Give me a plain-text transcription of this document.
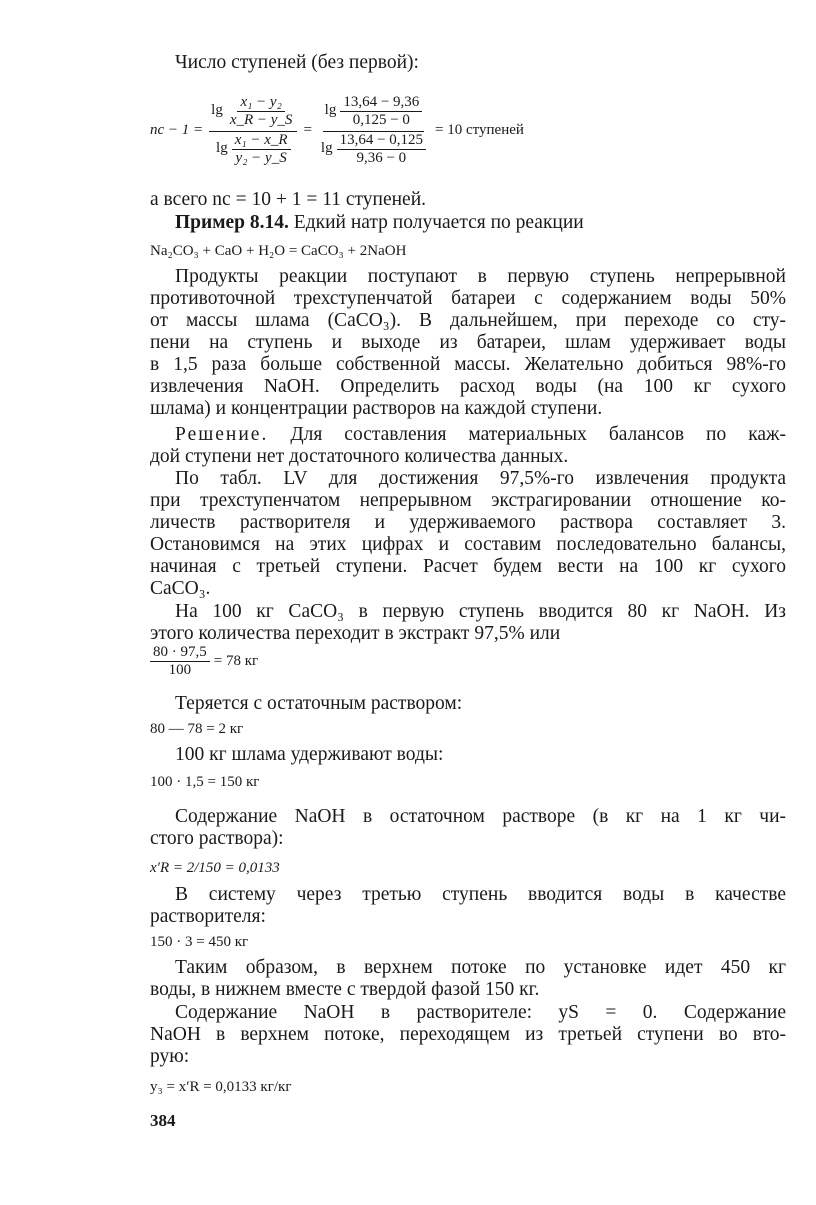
Число ступеней (без первой):
nс − $1 = \frac{\lg \frac{\text{x₁ − y₂}}{x\_R - y\_S}}{\lg \frac{\text{x₁ − x\_R}}{\text{y₂ − y\_S}}} = \frac{\lg \frac{13,64 - 9,36}{0,125 - 0}}{\lg \frac{13,64 - 0,125}{9,36 - 0}} = 10$ ступеней
а всего nс = 10 + 1 = 11 ступеней.
Пример 8.14. Едкий натр получается по реакции
Na₂CO₃ + CaO + H₂O = CaCO₃ + 2NaOH
Продукты реакции поступают в первую ступень непрерывной
противоточной трехступенчатой батареи с содержанием воды 50%
от массы шлама (CaCO₃). В дальнейшем, при переходе со сту-
пени на ступень и выходе из батареи, шлам удерживает воды
в 1,5 раза больше собственной массы. Желательно добиться 98%-го
извлечения NaOH. Определить расход воды (на 100 кг сухого
шлама) и концентрации растворов на каждой ступени.
Решение. Для составления материальных балансов по каж-
дой ступени нет достаточного количества данных.
По табл. LV для достижения 97,5%-го извлечения продукта
при трехступенчатом непрерывном экстрагировании отношение ко-
личеств растворителя и удерживаемого раствора составляет 3.
Остановимся на этих цифрах и составим последовательно балансы,
начиная с третьей ступени. Расчет будем вести на 100 кг сухого
CaCO₃.
На 100 кг CaCO₃ в первую ступень вводится 80 кг NaOH. Из
этого количества переходит в экстракт 97,5% или
$\frac{80 \cdot 97,5}{100} = 78$ кг
Теряется с остаточным раствором:
80 — 78 = 2 кг
100 кг шлама удерживают воды:
100 · 1,5 = 150 кг
Содержание NaOH в остаточном растворе (в кг на 1 кг чи-
стого раствора):
x′R = 2/150 = 0,0133
В систему через третью ступень вводится воды в качестве
растворителя:
150 · 3 = 450 кг
Таким образом, в верхнем потоке по установке идет 450 кг
воды, в нижнем вместе с твердой фазой 150 кг.
Содержание NaOH в растворителе: yS = 0. Содержание
NaOH в верхнем потоке, переходящем из третьей ступени во вто-
рую:
y₃ = x′R = 0,0133 кг/кг
384
